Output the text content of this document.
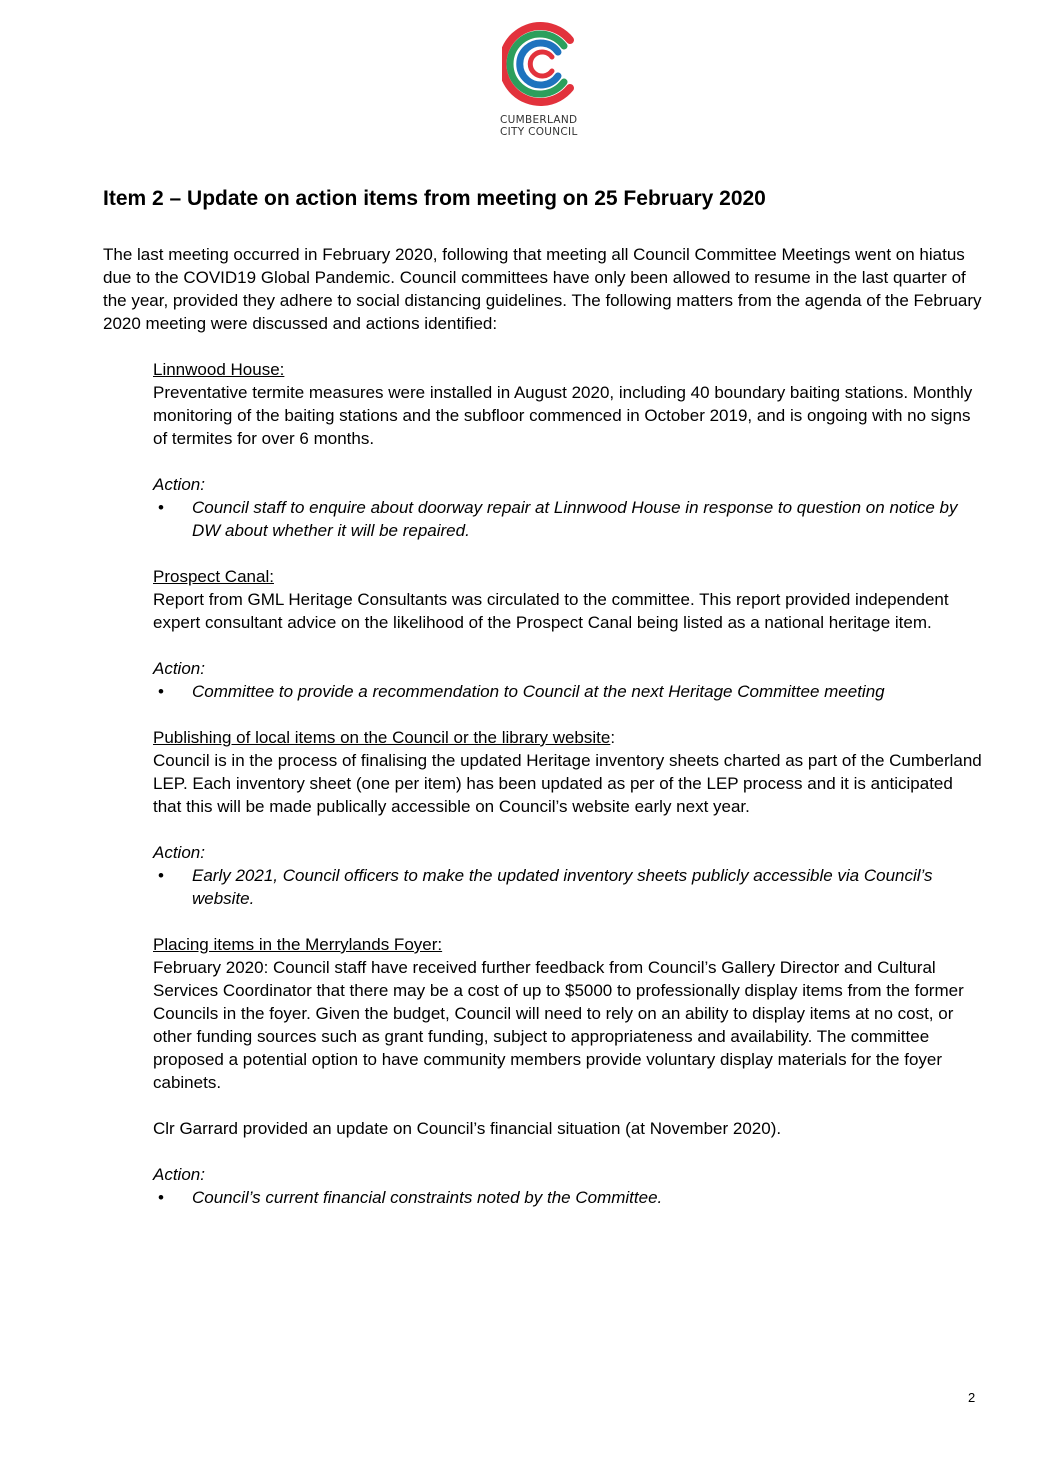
CUMBERLAND
CITY COUNCIL
Item 2 – Update on action items from meeting on 25 February 2020

The last meeting occurred in February 2020, following that meeting all Council Committee Meetings went on hiatus due to the COVID19 Global Pandemic. Council committees have only been allowed to resume in the last quarter of the year, provided they adhere to social distancing guidelines. The following matters from the agenda of the February 2020 meeting were discussed and actions identified:

Linnwood House:

Preventative termite measures were installed in August 2020, including 40 boundary baiting stations. Monthly monitoring of the baiting stations and the subfloor commenced in October 2019, and is ongoing with no signs of termites for over 6 months.

Action:

• Council staff to enquire about doorway repair at Linnwood House in response to question on notice by DW about whether it will be repaired.

Prospect Canal:

Report from GML Heritage Consultants was circulated to the committee. This report provided independent expert consultant advice on the likelihood of the Prospect Canal being listed as a national heritage item.

Action:

• Committee to provide a recommendation to Council at the next Heritage Committee meeting

Publishing of local items on the Council or the library website:

Council is in the process of finalising the updated Heritage inventory sheets charted as part of the Cumberland LEP. Each inventory sheet (one per item) has been updated as per of the LEP process and it is anticipated that this will be made publically accessible on Council’s website early next year.

Action:

• Early 2021, Council officers to make the updated inventory sheets publicly accessible via Council’s website.

Placing items in the Merrylands Foyer:

February 2020: Council staff have received further feedback from Council’s Gallery Director and Cultural Services Coordinator that there may be a cost of up to $5000 to professionally display items from the former Councils in the foyer. Given the budget, Council will need to rely on an ability to display items at no cost, or other funding sources such as grant funding, subject to appropriateness and availability. The committee proposed a potential option to have community members provide voluntary display materials for the foyer cabinets.

Clr Garrard provided an update on Council’s financial situation (at November 2020).

Action:

• Council’s current financial constraints noted by the Committee.
2
